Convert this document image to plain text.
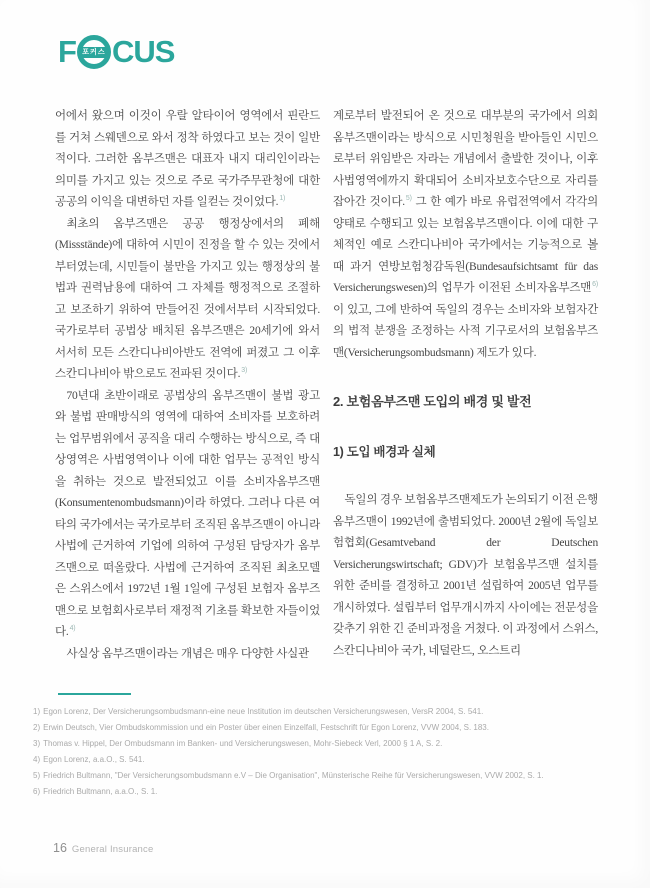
F 포커스 CUS

어에서 왔으며 이것이 우랄 알타이어 영역에서 핀란드를 거쳐 스웨덴으로 와서 정착 하였다고 보는 것이 일반적이다. 그러한 옴부즈맨은 대표자 내지 대리인이라는 의미를 가지고 있는 것으로 주로 국가주무관청에 대한 공공의 이익을 대변하던 자를 일컫는 것이었다.$^{1)}$

최초의 옴부즈맨은 공공 행정상에서의 폐해(Missstände)에 대하여 시민이 진정을 할 수 있는 것에서부터였는데, 시민들이 불만을 가지고 있는 행정상의 불법과 권력남용에 대하여 그 자체를 행정적으로 조절하고 보조하기 위하여 만들어진 것에서부터 시작되었다. 국가로부터 공법상 배치된 옴부즈맨은 20세기에 와서 서서히 모든 스칸디나비아반도 전역에 퍼졌고 그 이후 스칸디나비아 밖으로도 전파된 것이다.$^{3)}$

70년대 초반이래로 공법상의 옴부즈맨이 불법 광고와 불법 판매방식의 영역에 대하여 소비자를 보호하려는 업무범위에서 공직을 대리 수행하는 방식으로, 즉 대상영역은 사법영역이나 이에 대한 업무는 공적인 방식을 취하는 것으로 발전되었고 이를 소비자옴부즈맨(Konsumentenombudsmann)이라 하였다. 그러나 다른 여타의 국가에서는 국가로부터 조직된 옴부즈맨이 아니라 사법에 근거하여 기업에 의하여 구성된 담당자가 옴부즈맨으로 떠올랐다. 사법에 근거하여 조직된 최초모델은 스위스에서 1972년 1월 1일에 구성된 보험자 옴부즈맨으로 보험회사로부터 재정적 기초를 확보한 자들이었다.$^{4)}$

사실상 옴부즈맨이라는 개념은 매우 다양한 사실관

계로부터 발전되어 온 것으로 대부분의 국가에서 의회 옴부즈맨이라는 방식으로 시민청원을 받아들인 시민으로부터 위임받은 자라는 개념에서 출발한 것이나, 이후 사법영역에까지 확대되어 소비자보호수단으로 자리를 잡아간 것이다.$^{5)}$ 그 한 예가 바로 유럽전역에서 각각의 양태로 수행되고 있는 보험옴부즈맨이다. 이에 대한 구체적인 예로 스칸디나비아 국가에서는 기능적으로 볼 때 과거 연방보험청감독원(Bundesaufsichtsamt für das Versicherungswesen)의 업무가 이전된 소비자옴부즈맨$^{6)}$이 있고, 그에 반하여 독일의 경우는 소비자와 보험자간의 법적 분쟁을 조정하는 사적 기구로서의 보험옴부즈맨(Versicherungsombudsmann) 제도가 있다.

2. 보험옴부즈맨 도입의 배경 및 발전
1) 도입 배경과 실체

독일의 경우 보험옴부즈맨제도가 논의되기 이전 은행옴부즈맨이 1992년에 출범되었다. 2000년 2월에 독일보험협회(Gesamtveband der Deutschen Versicherungswirtschaft; GDV)가 보험옴부즈맨 설치를 위한 준비를 결정하고 2001년 설립하여 2005년 업무를 개시하였다. 설립부터 업무개시까지 사이에는 전문성을 갖추기 위한 긴 준비과정을 거쳤다. 이 과정에서 스위스, 스칸디나비아 국가, 네덜란드, 오스트리

1) Egon Lorenz, Der Versicherungsombudsmann-eine neue Institution im deutschen Versicherungswesen, VersR 2004, S. 541.
2) Erwin Deutsch, Vier Ombudskommission und ein Poster über einen Einzelfall, Festschrift für Egon Lorenz, VVW 2004, S. 183.
3) Thomas v. Hippel, Der Ombudsmann im Banken- und Versicherungswesen, Mohr-Siebeck Verl, 2000 § 1 A, S. 2.
4) Egon Lorenz, a.a.O., S. 541.
5) Friedrich Bultmann, "Der Versicherungsombudsmann e.V – Die Organisation", Münsterische Reihe für Versicherungswesen, VVW 2002, S. 1.
6) Friedrich Bultmann, a.a.O., S. 1.
16 General Insurance
